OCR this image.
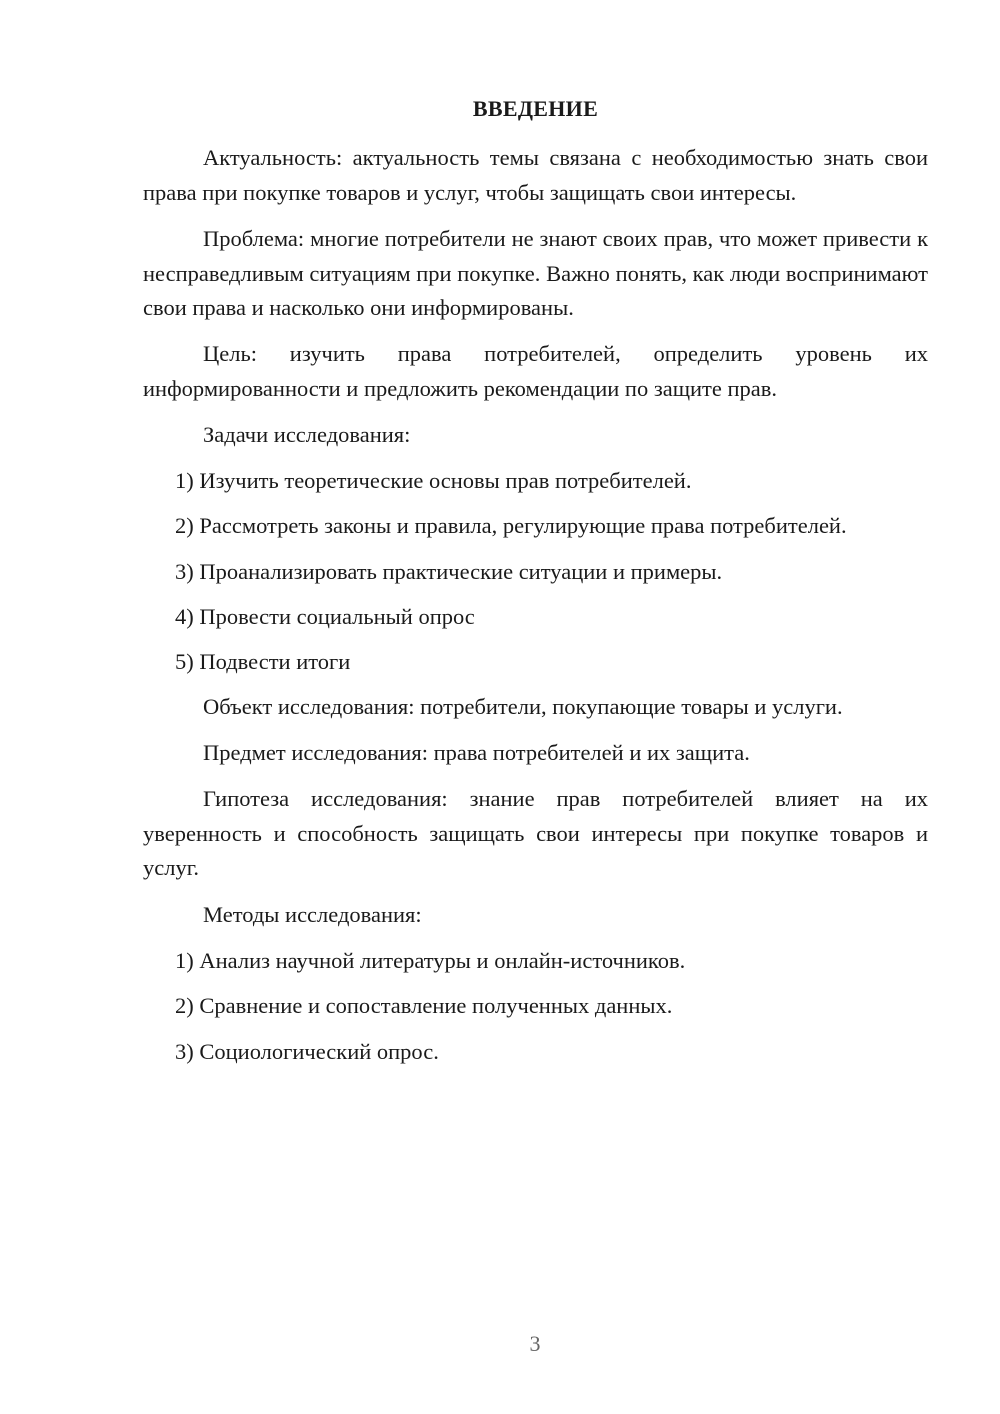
ВВЕДЕНИЕ

Актуальность: актуальность темы связана с необходимостью знать свои права при покупке товаров и услуг, чтобы защищать свои интересы.

Проблема: многие потребители не знают своих прав, что может привести к несправедливым ситуациям при покупке. Важно понять, как люди воспринимают свои права и насколько они информированы.

Цель: изучить права потребителей, определить уровень их информированности и предложить рекомендации по защите прав.

Задачи исследования:

1) Изучить теоретические основы прав потребителей.

2) Рассмотреть законы и правила, регулирующие права потребителей.

3) Проанализировать практические ситуации и примеры.

4) Провести социальный опрос

5) Подвести итоги

Объект исследования: потребители, покупающие товары и услуги.

Предмет исследования: права потребителей и их защита.

Гипотеза исследования: знание прав потребителей влияет на их уверенность и способность защищать свои интересы при покупке товаров и услуг.

Методы исследования:

1) Анализ научной литературы и онлайн-источников.

2) Сравнение и сопоставление полученных данных.

3) Социологический опрос.

3
